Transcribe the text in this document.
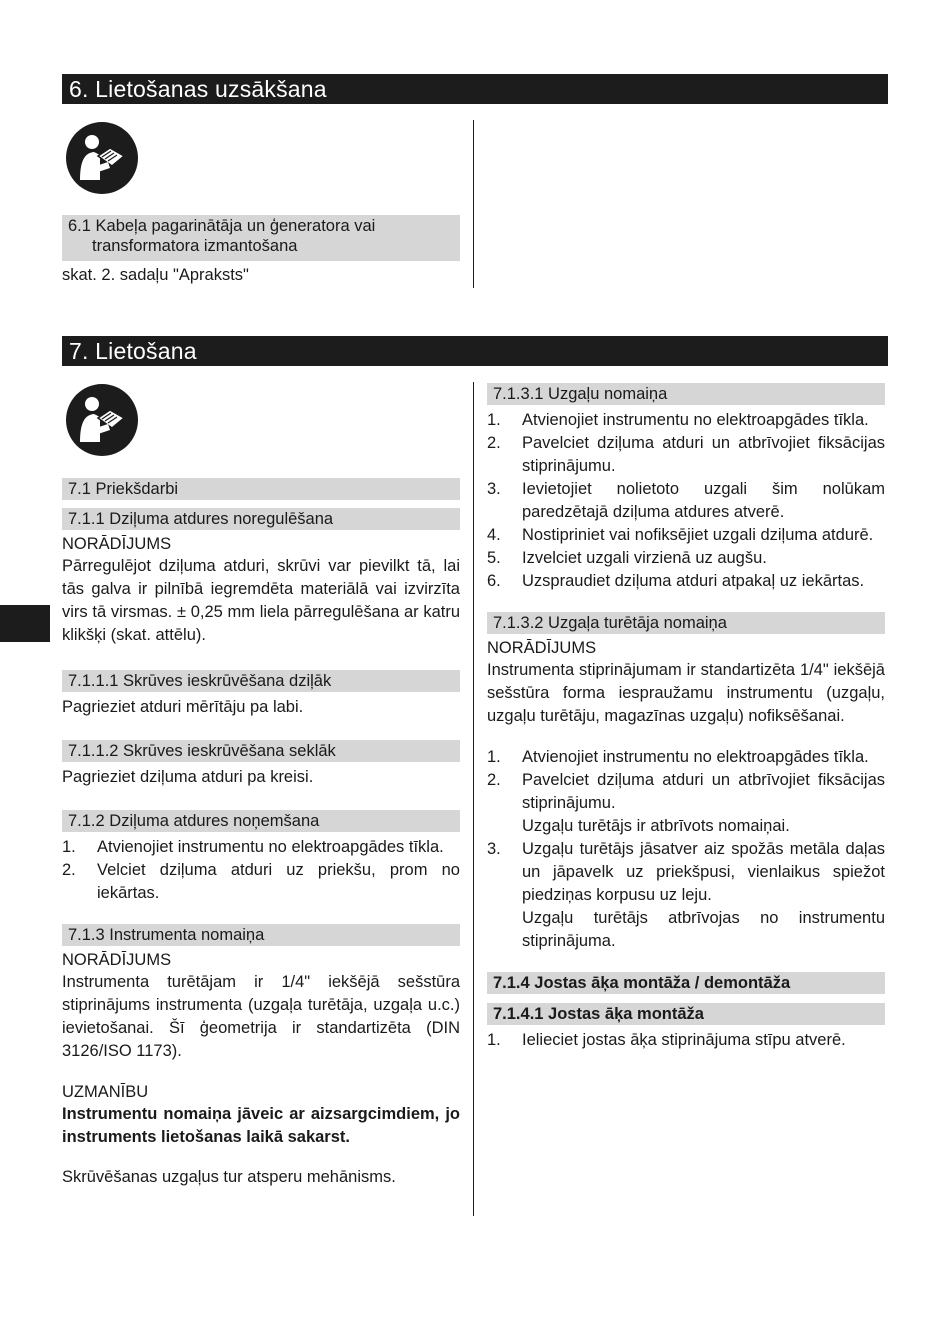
6. Lietošanas uzsākšana
6.1 Kabeļa pagarinātāja un ģeneratora vai
transformatora izmantošana

skat. 2. sadaļu "Apraksts"

7. Lietošana
7.1 Priekšdarbi
7.1.1 Dziļuma atdures noregulēšana
NORĀDĪJUMS

Pārregulējot dziļuma atduri, skrūvi var pievilkt tā, lai tās galva ir pilnībā iegremdēta materiālā vai izvirzīta virs tā virsmas. ± 0,25 mm liela pārregulēšana ar katru klikšķi (skat. attēlu).

7.1.1.1 Skrūves ieskrūvēšana dziļāk

Pagrieziet atduri mērītāju pa labi.

7.1.1.2 Skrūves ieskrūvēšana seklāk

Pagrieziet dziļuma atduri pa kreisi.

7.1.2 Dziļuma atdures noņemšana
1. Atvienojiet instrumentu no elektroapgādes tīkla.
2. Velciet dziļuma atduri uz priekšu, prom no iekārtas.
7.1.3 Instrumenta nomaiņa
NORĀDĪJUMS

Instrumenta turētājam ir 1/4" iekšējā sešstūra stiprinājums instrumenta (uzgaļa turētāja, uzgaļa u.c.) ievietošanai. Šī ģeometrija ir standartizēta (DIN 3126/ISO 1173).

UZMANĪBU

Instrumentu nomaiņa jāveic ar aizsargcimdiem, jo instruments lietošanas laikā sakarst.

Skrūvēšanas uzgaļus tur atsperu mehānisms.

7.1.3.1 Uzgaļu nomaiņa
1. Atvienojiet instrumentu no elektroapgādes tīkla.
2. Pavelciet dziļuma atduri un atbrīvojiet fiksācijas stiprinājumu.
3. Ievietojiet nolietoto uzgali šim nolūkam paredzētajā dziļuma atdures atverē.
4. Nostipriniet vai nofiksējiet uzgali dziļuma atdurē.
5. Izvelciet uzgali virzienā uz augšu.
6. Uzspraudiet dziļuma atduri atpakaļ uz iekārtas.
7.1.3.2 Uzgaļa turētāja nomaiņa
NORĀDĪJUMS

Instrumenta stiprinājumam ir standartizēta 1/4" iekšējā sešstūra forma iespraužamu instrumentu (uzgaļu, uzgaļu turētāju, magazīnas uzgaļu) nofiksēšanai.

1. Atvienojiet instrumentu no elektroapgādes tīkla.
2. Pavelciet dziļuma atduri un atbrīvojiet fiksācijas stiprinājumu.
Uzgaļu turētājs ir atbrīvots nomaiņai.
3. Uzgaļu turētājs jāsatver aiz spožās metāla daļas un jāpavelk uz priekšpusi, vienlaikus spiežot piedziņas korpusu uz leju.
Uzgaļu turētājs atbrīvojas no instrumentu stiprinājuma.
7.1.4 Jostas āķa montāža / demontāža
7.1.4.1 Jostas āķa montāža
1. Ielieciet jostas āķa stiprinājuma stīpu atverē.
